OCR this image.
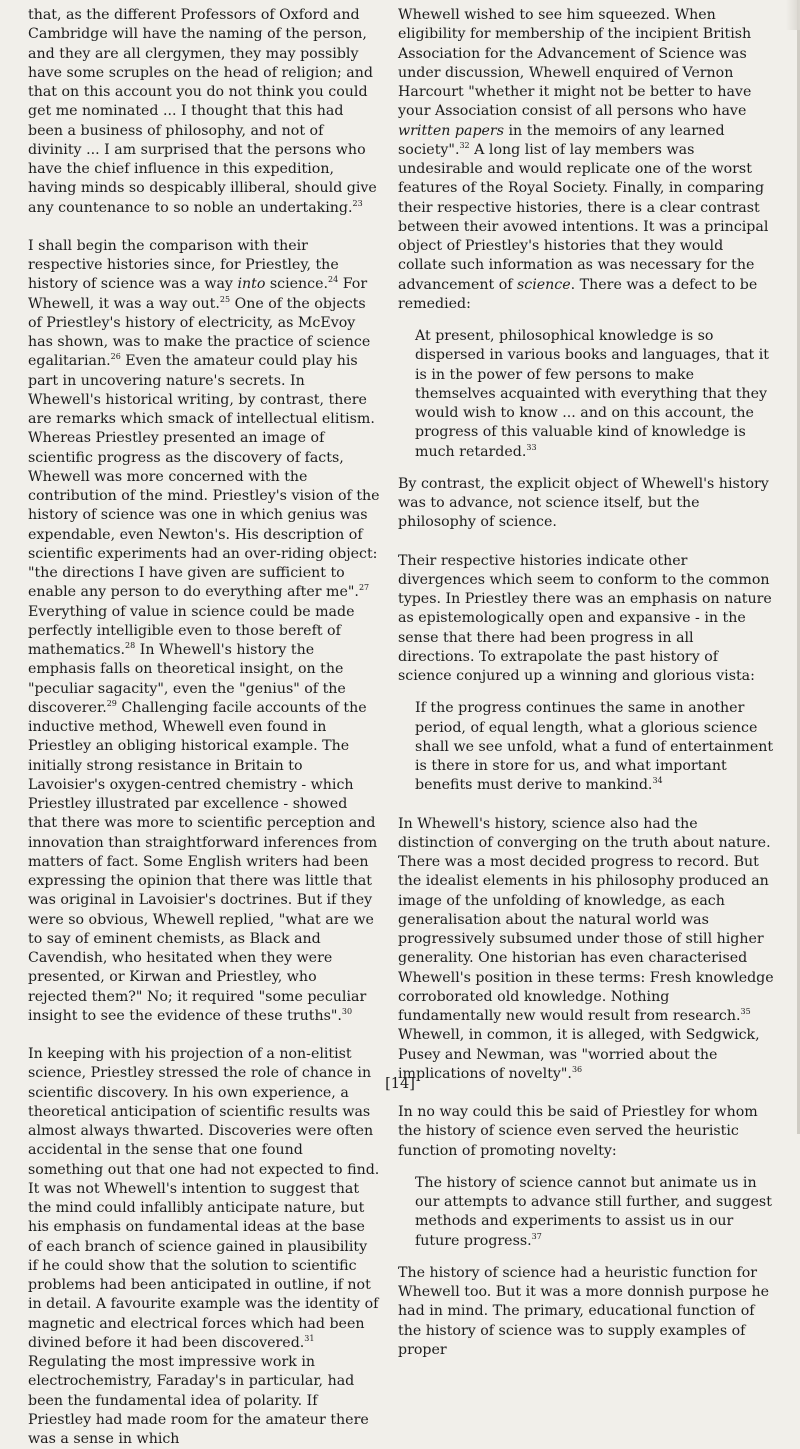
that, as the different Professors of Oxford and Cambridge will have the naming of the person, and they are all clergymen, they may possibly have some scruples on the head of religion; and that on this account you do not think you could get me nominated ... I thought that this had been a business of philosophy, and not of divinity ... I am surprised that the persons who have the chief influence in this expedition, having minds so despicably illiberal, should give any countenance to so noble an undertaking.$^{23}$

I shall begin the comparison with their respective histories since, for Priestley, the history of science was a way into science.$^{24}$ For Whewell, it was a way out.$^{25}$ One of the objects of Priestley's history of electricity, as McEvoy has shown, was to make the practice of science egalitarian.$^{26}$ Even the amateur could play his part in uncovering nature's secrets. In Whewell's historical writing, by contrast, there are remarks which smack of intellectual elitism. Whereas Priestley presented an image of scientific progress as the discovery of facts, Whewell was more concerned with the contribution of the mind. Priestley's vision of the history of science was one in which genius was expendable, even Newton's. His description of scientific experiments had an over-riding object: "the directions I have given are sufficient to enable any person to do everything after me".$^{27}$ Everything of value in science could be made perfectly intelligible even to those bereft of mathematics.$^{28}$ In Whewell's history the emphasis falls on theoretical insight, on the "peculiar sagacity", even the "genius" of the discoverer.$^{29}$ Challenging facile accounts of the inductive method, Whewell even found in Priestley an obliging historical example. The initially strong resistance in Britain to Lavoisier's oxygen-centred chemistry - which Priestley illustrated par excellence - showed that there was more to scientific perception and innovation than straightforward inferences from matters of fact. Some English writers had been expressing the opinion that there was little that was original in Lavoisier's doctrines. But if they were so obvious, Whewell replied, "what are we to say of eminent chemists, as Black and Cavendish, who hesitated when they were presented, or Kirwan and Priestley, who rejected them?" No; it required "some peculiar insight to see the evidence of these truths".$^{30}$

In keeping with his projection of a non-elitist science, Priestley stressed the role of chance in scientific discovery. In his own experience, a theoretical anticipation of scientific results was almost always thwarted. Discoveries were often accidental in the sense that one found something out that one had not expected to find. It was not Whewell's intention to suggest that the mind could infallibly anticipate nature, but his emphasis on fundamental ideas at the base of each branch of science gained in plausibility if he could show that the solution to scientific problems had been anticipated in outline, if not in detail. A favourite example was the identity of magnetic and electrical forces which had been divined before it had been discovered.$^{31}$ Regulating the most impressive work in electrochemistry, Faraday's in particular, had been the fundamental idea of polarity. If Priestley had made room for the amateur there was a sense in which

Whewell wished to see him squeezed. When eligibility for membership of the incipient British Association for the Advancement of Science was under discussion, Whewell enquired of Vernon Harcourt "whether it might not be better to have your Association consist of all persons who have written papers in the memoirs of any learned society".$^{32}$ A long list of lay members was undesirable and would replicate one of the worst features of the Royal Society. Finally, in comparing their respective histories, there is a clear contrast between their avowed intentions. It was a principal object of Priestley's histories that they would collate such information as was necessary for the advancement of science. There was a defect to be remedied:

At present, philosophical knowledge is so dispersed in various books and languages, that it is in the power of few persons to make themselves acquainted with everything that they would wish to know ... and on this account, the progress of this valuable kind of knowledge is much retarded.$^{33}$

By contrast, the explicit object of Whewell's history was to advance, not science itself, but the philosophy of science.

Their respective histories indicate other divergences which seem to conform to the common types. In Priestley there was an emphasis on nature as epistemologically open and expansive - in the sense that there had been progress in all directions. To extrapolate the past history of science conjured up a winning and glorious vista:

If the progress continues the same in another period, of equal length, what a glorious science shall we see unfold, what a fund of entertainment is there in store for us, and what important benefits must derive to mankind.$^{34}$

In Whewell's history, science also had the distinction of converging on the truth about nature. There was a most decided progress to record. But the idealist elements in his philosophy produced an image of the unfolding of knowledge, as each generalisation about the natural world was progressively subsumed under those of still higher generality. One historian has even characterised Whewell's position in these terms: Fresh knowledge corroborated old knowledge. Nothing fundamentally new would result from research.$^{35}$ Whewell, in common, it is alleged, with Sedgwick, Pusey and Newman, was "worried about the implications of novelty".$^{36}$

In no way could this be said of Priestley for whom the history of science even served the heuristic function of promoting novelty:

The history of science cannot but animate us in our attempts to advance still further, and suggest methods and experiments to assist us in our future progress.$^{37}$

The history of science had a heuristic function for Whewell too. But it was a more donnish purpose he had in mind. The primary, educational function of the history of science was to supply examples of proper

[14]
